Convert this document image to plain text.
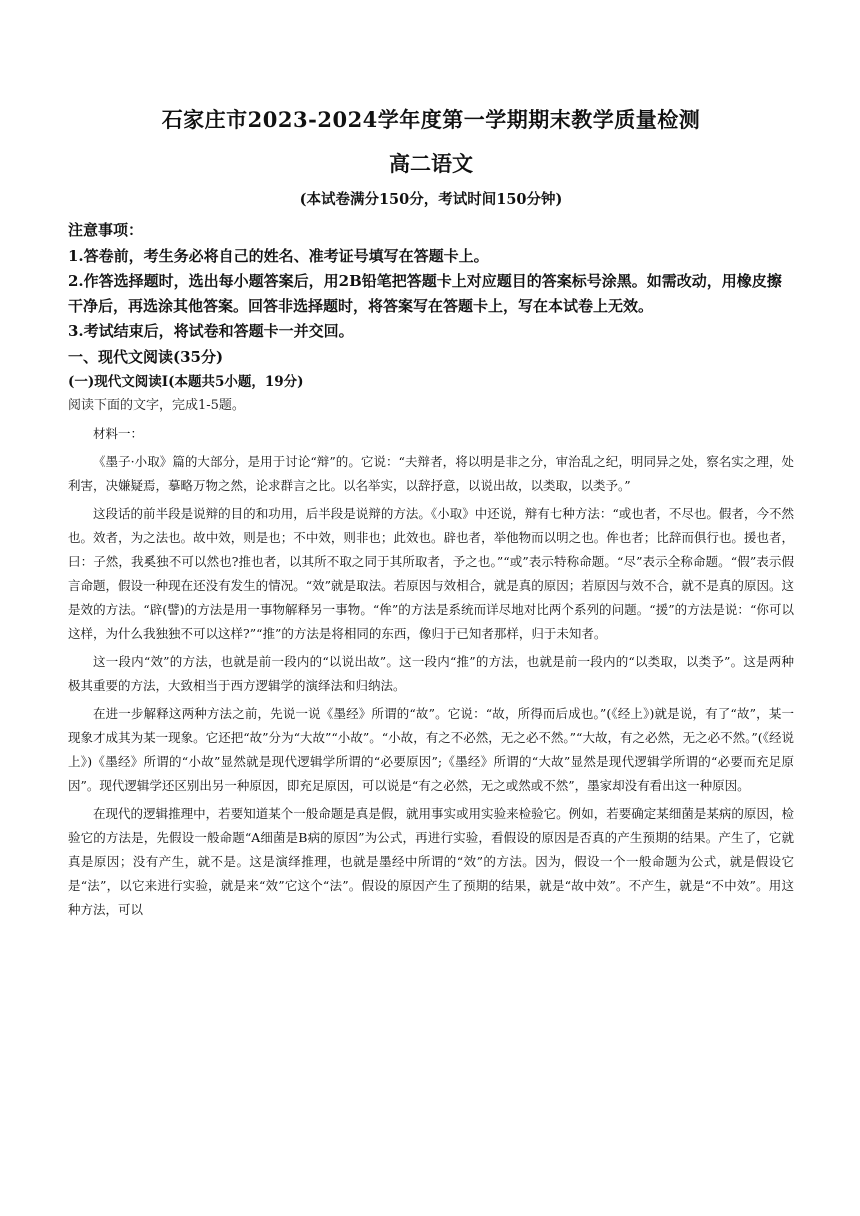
石家庄市2023-2024学年度第一学期期末教学质量检测
高二语文
(本试卷满分150分，考试时间150分钟)
注意事项：

1.答卷前，考生务必将自己的姓名、准考证号填写在答题卡上。

2.作答选择题时，选出每小题答案后，用2B铅笔把答题卡上对应题目的答案标号涂黑。如需改动，用橡皮擦干净后，再选涂其他答案。回答非选择题时，将答案写在答题卡上，写在本试卷上无效。

3.考试结束后，将试卷和答题卡一并交回。

一、现代文阅读(35分)

(一)现代文阅读I(本题共5小题，19分)

阅读下面的文字，完成1-5题。

材料一：

《墨子·小取》篇的大部分，是用于讨论“辩”的。它说：“夫辩者，将以明是非之分，审治乱之纪，明同异之处，察名实之理，处利害，决嫌疑焉，摹略万物之然，论求群言之比。以名举实，以辞抒意，以说出故，以类取，以类予。”

这段话的前半段是说辩的目的和功用，后半段是说辩的方法。《小取》中还说，辩有七种方法：“或也者，不尽也。假者，今不然也。效者，为之法也。故中效，则是也；不中效，则非也；此效也。辟也者，举他物而以明之也。侔也者；比辞而俱行也。援也者，曰：子然，我奚独不可以然也?推也者，以其所不取之同于其所取者，予之也。”“或”表示特称命题。“尽”表示全称命题。“假”表示假言命题，假设一种现在还没有发生的情况。“效”就是取法。若原因与效相合，就是真的原因；若原因与效不合，就不是真的原因。这是效的方法。“辟(譬)的方法是用一事物解释另一事物。“侔”的方法是系统而详尽地对比两个系列的问题。“援”的方法是说：“你可以这样，为什么我独独不可以这样?”“推”的方法是将相同的东西，像归于已知者那样，归于未知者。

这一段内“效”的方法，也就是前一段内的“以说出故”。这一段内“推”的方法，也就是前一段内的“以类取，以类予”。这是两种极其重要的方法，大致相当于西方逻辑学的演绎法和归纳法。

在进一步解释这两种方法之前，先说一说《墨经》所谓的“故”。它说：“故，所得而后成也。”(《经上》)就是说，有了“故”，某一现象才成其为某一现象。它还把“故”分为“大故”“小故”。“小故，有之不必然，无之必不然。”“大故，有之必然，无之必不然。”(《经说上》)《墨经》所谓的“小故”显然就是现代逻辑学所谓的“必要原因”;《墨经》所谓的“大故”显然是现代逻辑学所谓的“必要而充足原因”。现代逻辑学还区别出另一种原因，即充足原因，可以说是“有之必然，无之或然或不然”，墨家却没有看出这一种原因。

在现代的逻辑推理中，若要知道某个一般命题是真是假，就用事实或用实验来检验它。例如，若要确定某细菌是某病的原因，检验它的方法是，先假设一般命题“A细菌是B病的原因”为公式，再进行实验，看假设的原因是否真的产生预期的结果。产生了，它就真是原因；没有产生，就不是。这是演绎推理，也就是墨经中所谓的“效”的方法。因为，假设一个一般命题为公式，就是假设它是“法”，以它来进行实验，就是来“效”它这个“法”。假设的原因产生了预期的结果，就是“故中效”。不产生，就是“不中效”。用这种方法，可以
